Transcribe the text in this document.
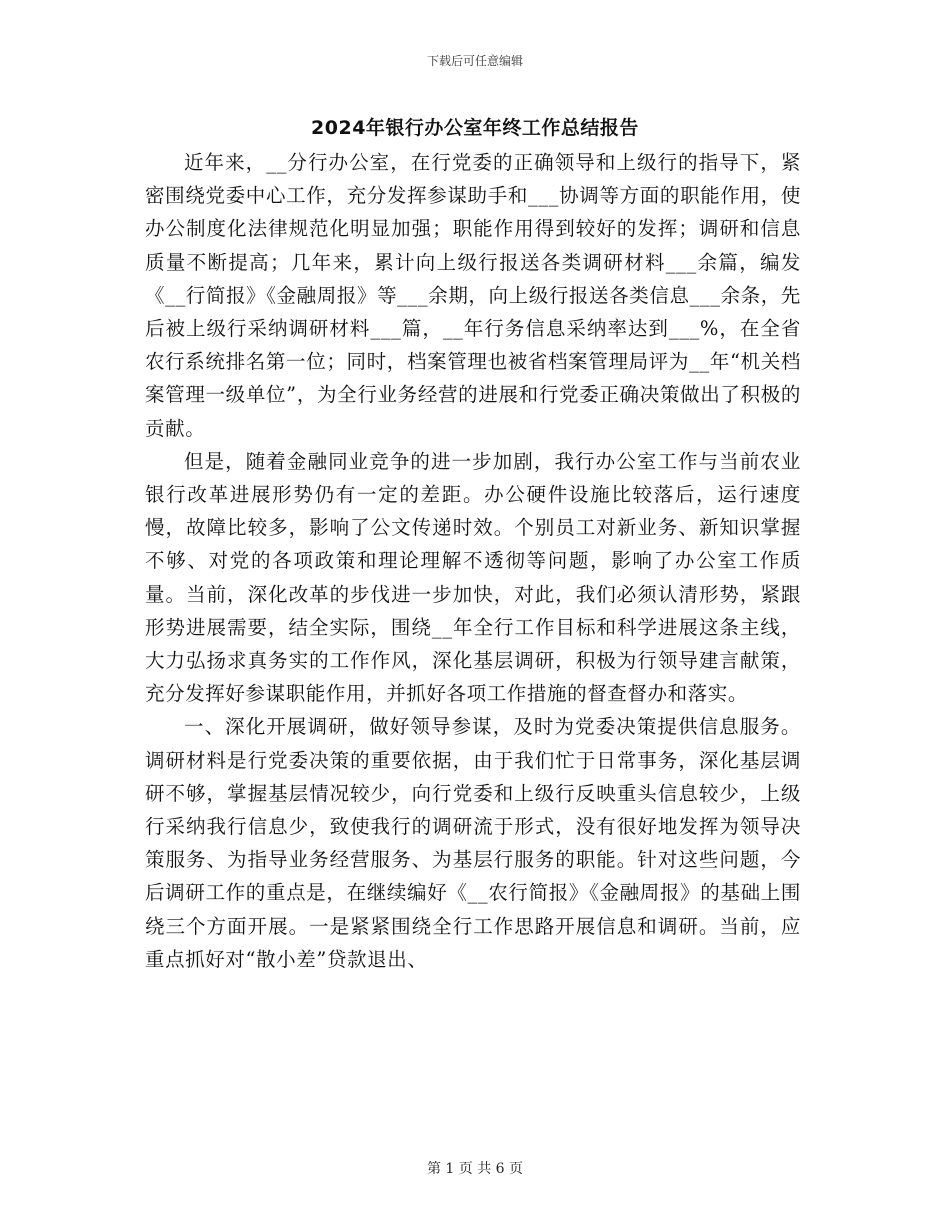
下载后可任意编辑
2024年银行办公室年终工作总结报告

近年来，__分行办公室，在行党委的正确领导和上级行的指导下，紧密围绕党委中心工作，充分发挥参谋助手和___协调等方面的职能作用，使办公制度化法律规范化明显加强；职能作用得到较好的发挥；调研和信息质量不断提高；几年来，累计向上级行报送各类调研材料___余篇，编发《__行简报》《金融周报》等___余期，向上级行报送各类信息___余条，先后被上级行采纳调研材料___篇，__年行务信息采纳率达到___%，在全省农行系统排名第一位；同时，档案管理也被省档案管理局评为__年“机关档案管理一级单位”，为全行业务经营的进展和行党委正确决策做出了积极的贡献。

但是，随着金融同业竞争的进一步加剧，我行办公室工作与当前农业银行改革进展形势仍有一定的差距。办公硬件设施比较落后，运行速度慢，故障比较多，影响了公文传递时效。个别员工对新业务、新知识掌握不够、对党的各项政策和理论理解不透彻等问题，影响了办公室工作质量。当前，深化改革的步伐进一步加快，对此，我们必须认清形势，紧跟形势进展需要，结全实际，围绕__年全行工作目标和科学进展这条主线，大力弘扬求真务实的工作作风，深化基层调研，积极为行领导建言献策，充分发挥好参谋职能作用，并抓好各项工作措施的督查督办和落实。

一、深化开展调研，做好领导参谋，及时为党委决策提供信息服务。调研材料是行党委决策的重要依据，由于我们忙于日常事务，深化基层调研不够，掌握基层情况较少，向行党委和上级行反映重头信息较少，上级行采纳我行信息少，致使我行的调研流于形式，没有很好地发挥为领导决策服务、为指导业务经营服务、为基层行服务的职能。针对这些问题，今后调研工作的重点是，在继续编好《__农行简报》《金融周报》的基础上围绕三个方面开展。一是紧紧围绕全行工作思路开展信息和调研。当前，应重点抓好对“散小差”贷款退出、

第 1 页 共 6 页
